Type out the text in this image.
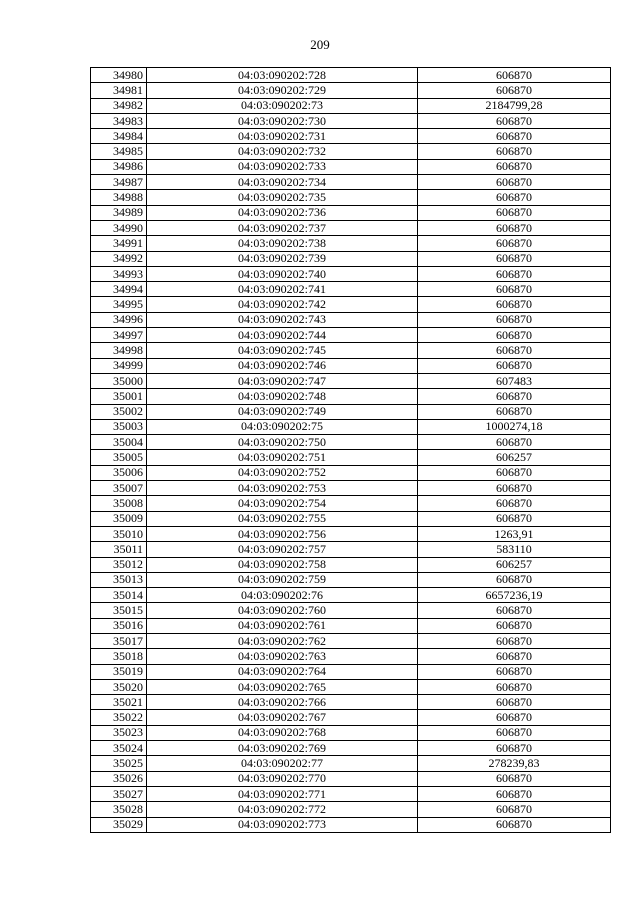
209
34980	04:03:090202:728	606870
34981	04:03:090202:729	606870
34982	04:03:090202:73	2184799,28
34983	04:03:090202:730	606870
34984	04:03:090202:731	606870
34985	04:03:090202:732	606870
34986	04:03:090202:733	606870
34987	04:03:090202:734	606870
34988	04:03:090202:735	606870
34989	04:03:090202:736	606870
34990	04:03:090202:737	606870
34991	04:03:090202:738	606870
34992	04:03:090202:739	606870
34993	04:03:090202:740	606870
34994	04:03:090202:741	606870
34995	04:03:090202:742	606870
34996	04:03:090202:743	606870
34997	04:03:090202:744	606870
34998	04:03:090202:745	606870
34999	04:03:090202:746	606870
35000	04:03:090202:747	607483
35001	04:03:090202:748	606870
35002	04:03:090202:749	606870
35003	04:03:090202:75	1000274,18
35004	04:03:090202:750	606870
35005	04:03:090202:751	606257
35006	04:03:090202:752	606870
35007	04:03:090202:753	606870
35008	04:03:090202:754	606870
35009	04:03:090202:755	606870
35010	04:03:090202:756	1263,91
35011	04:03:090202:757	583110
35012	04:03:090202:758	606257
35013	04:03:090202:759	606870
35014	04:03:090202:76	6657236,19
35015	04:03:090202:760	606870
35016	04:03:090202:761	606870
35017	04:03:090202:762	606870
35018	04:03:090202:763	606870
35019	04:03:090202:764	606870
35020	04:03:090202:765	606870
35021	04:03:090202:766	606870
35022	04:03:090202:767	606870
35023	04:03:090202:768	606870
35024	04:03:090202:769	606870
35025	04:03:090202:77	278239,83
35026	04:03:090202:770	606870
35027	04:03:090202:771	606870
35028	04:03:090202:772	606870
35029	04:03:090202:773	606870
